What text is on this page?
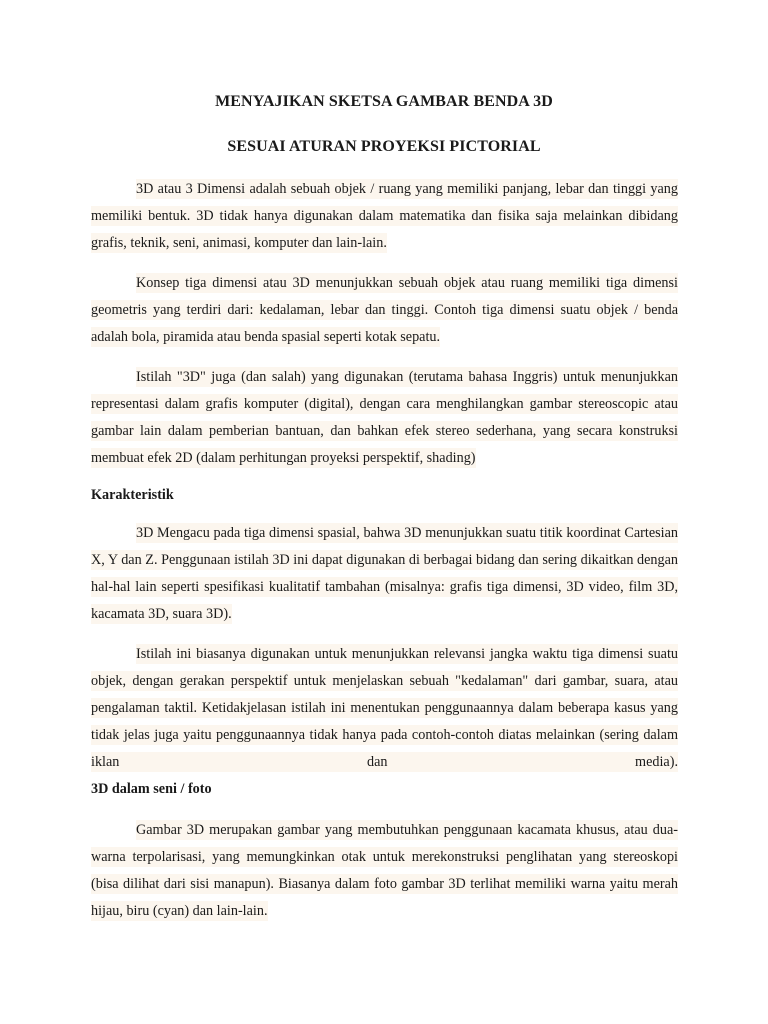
MENYAJIKAN SKETSA GAMBAR BENDA 3D
SESUAI ATURAN PROYEKSI PICTORIAL

3D atau 3 Dimensi adalah sebuah objek / ruang yang memiliki panjang, lebar dan tinggi yang memiliki bentuk. 3D tidak hanya digunakan dalam matematika dan fisika saja melainkan dibidang grafis, teknik, seni, animasi, komputer dan lain-lain.

Konsep tiga dimensi atau 3D menunjukkan sebuah objek atau ruang memiliki tiga dimensi geometris yang terdiri dari: kedalaman, lebar dan tinggi. Contoh tiga dimensi suatu objek / benda adalah bola, piramida atau benda spasial seperti kotak sepatu.

Istilah "3D" juga (dan salah) yang digunakan (terutama bahasa Inggris) untuk menunjukkan representasi dalam grafis komputer (digital), dengan cara menghilangkan gambar stereoscopic atau gambar lain dalam pemberian bantuan, dan bahkan efek stereo sederhana, yang secara konstruksi membuat efek 2D (dalam perhitungan proyeksi perspektif, shading)

Karakteristik

3D Mengacu pada tiga dimensi spasial, bahwa 3D menunjukkan suatu titik koordinat Cartesian X, Y dan Z. Penggunaan istilah 3D ini dapat digunakan di berbagai bidang dan sering dikaitkan dengan hal-hal lain seperti spesifikasi kualitatif tambahan (misalnya: grafis tiga dimensi, 3D video, film 3D, kacamata 3D, suara 3D).

Istilah ini biasanya digunakan untuk menunjukkan relevansi jangka waktu tiga dimensi suatu objek, dengan gerakan perspektif untuk menjelaskan sebuah "kedalaman" dari gambar, suara, atau pengalaman taktil. Ketidakjelasan istilah ini menentukan penggunaannya dalam beberapa kasus yang tidak jelas juga yaitu penggunaannya tidak hanya pada contoh-contoh diatas melainkan (sering dalam iklan dan media).

3D dalam seni / foto

Gambar 3D merupakan gambar yang membutuhkan penggunaan kacamata khusus, atau dua-warna terpolarisasi, yang memungkinkan otak untuk merekonstruksi penglihatan yang stereoskopi (bisa dilihat dari sisi manapun). Biasanya dalam foto gambar 3D terlihat memiliki warna yaitu merah hijau, biru (cyan) dan lain-lain.
